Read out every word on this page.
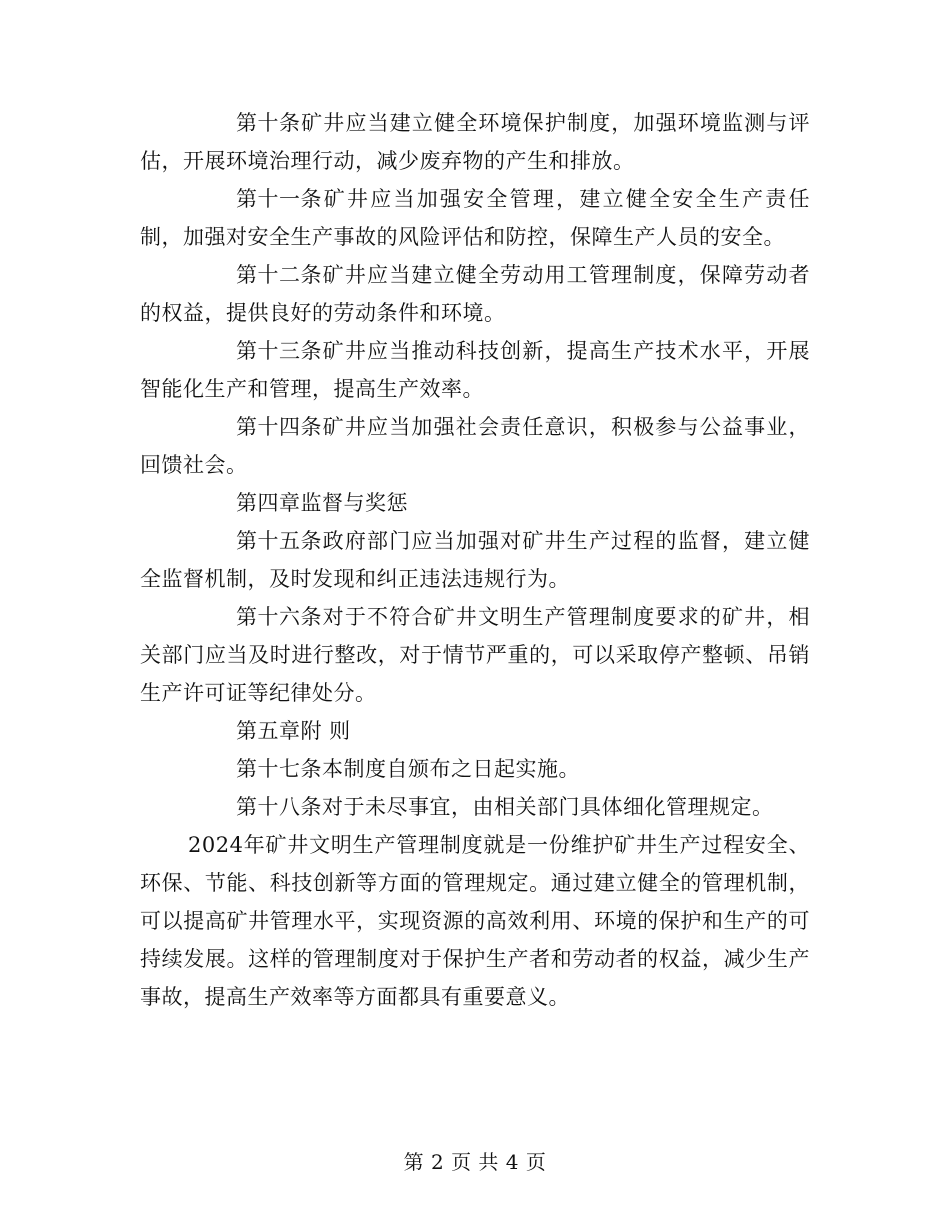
第十条矿井应当建立健全环境保护制度，加强环境监测与评估，开展环境治理行动，减少废弃物的产生和排放。

第十一条矿井应当加强安全管理，建立健全安全生产责任制，加强对安全生产事故的风险评估和防控，保障生产人员的安全。

第十二条矿井应当建立健全劳动用工管理制度，保障劳动者的权益，提供良好的劳动条件和环境。

第十三条矿井应当推动科技创新，提高生产技术水平，开展智能化生产和管理，提高生产效率。

第十四条矿井应当加强社会责任意识，积极参与公益事业，回馈社会。

第四章监督与奖惩

第十五条政府部门应当加强对矿井生产过程的监督，建立健全监督机制，及时发现和纠正违法违规行为。

第十六条对于不符合矿井文明生产管理制度要求的矿井，相关部门应当及时进行整改，对于情节严重的，可以采取停产整顿、吊销生产许可证等纪律处分。

第五章附 则

第十七条本制度自颁布之日起实施。

第十八条对于未尽事宜，由相关部门具体细化管理规定。

2024年矿井文明生产管理制度就是一份维护矿井生产过程安全、环保、节能、科技创新等方面的管理规定。通过建立健全的管理机制，可以提高矿井管理水平，实现资源的高效利用、环境的保护和生产的可持续发展。这样的管理制度对于保护生产者和劳动者的权益，减少生产事故，提高生产效率等方面都具有重要意义。

第 2 页 共 4 页
